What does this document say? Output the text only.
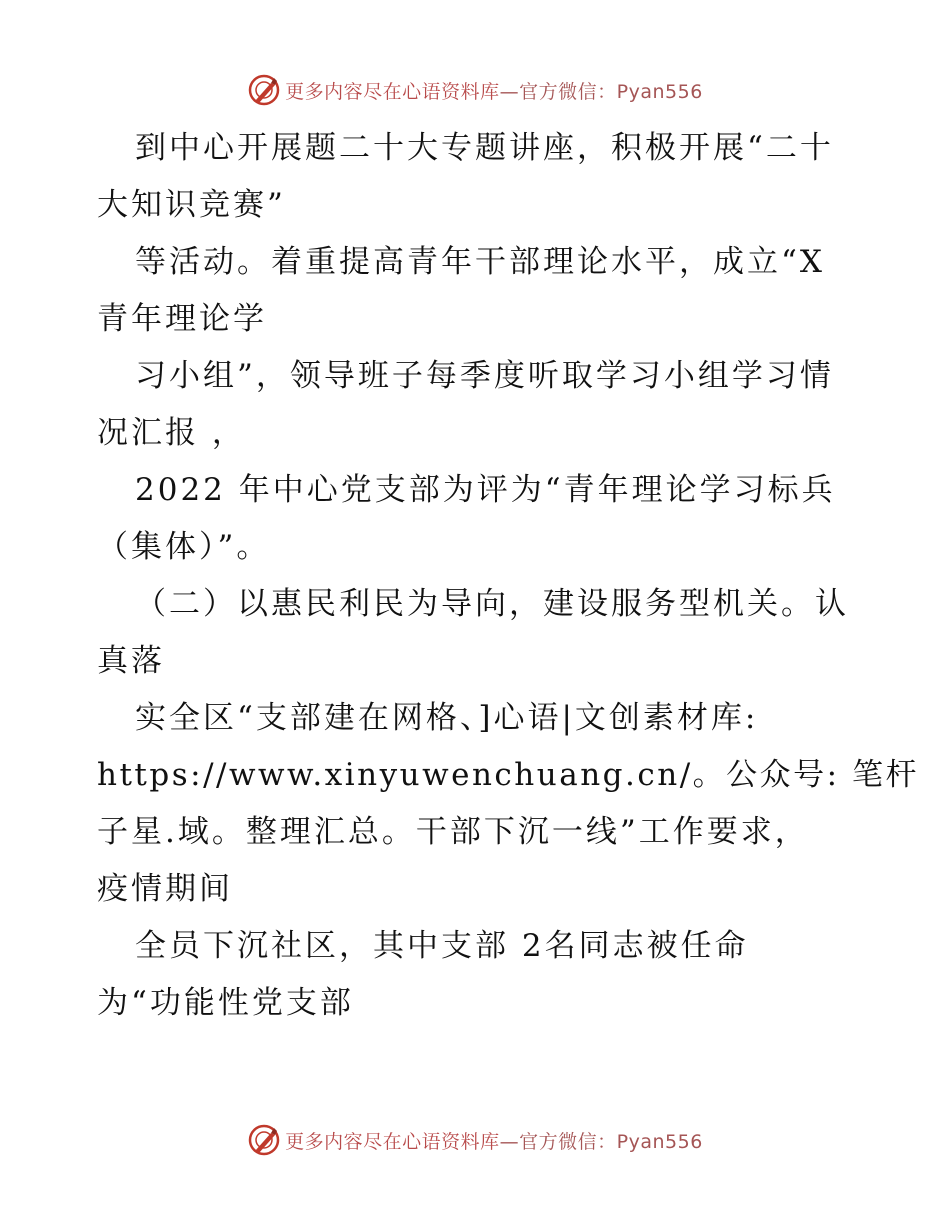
更多内容尽在心语资料库—官方微信：Pyan556
到中心开展题二十大专题讲座，积极开展“二十
大知识竞赛”
等活动。着重提高青年干部理论水平，成立“X
青年理论学
习小组”，领导班子每季度听取学习小组学习情
况汇报 ，
2022 年中心党支部为评为“青年理论学习标兵
（集体）”。
（二）以惠民利民为导向，建设服务型机关。认
真落
实全区“支部建在网格、]心语|文创素材库:
https://www.xinyuwenchuang.cn/。公众号: 笔杆
子星.域。整理汇总。干部下沉一线”工作要求，
疫情期间
全员下沉社区，其中支部 2名同志被任命
为“功能性党支部
更多内容尽在心语资料库—官方微信：Pyan556
